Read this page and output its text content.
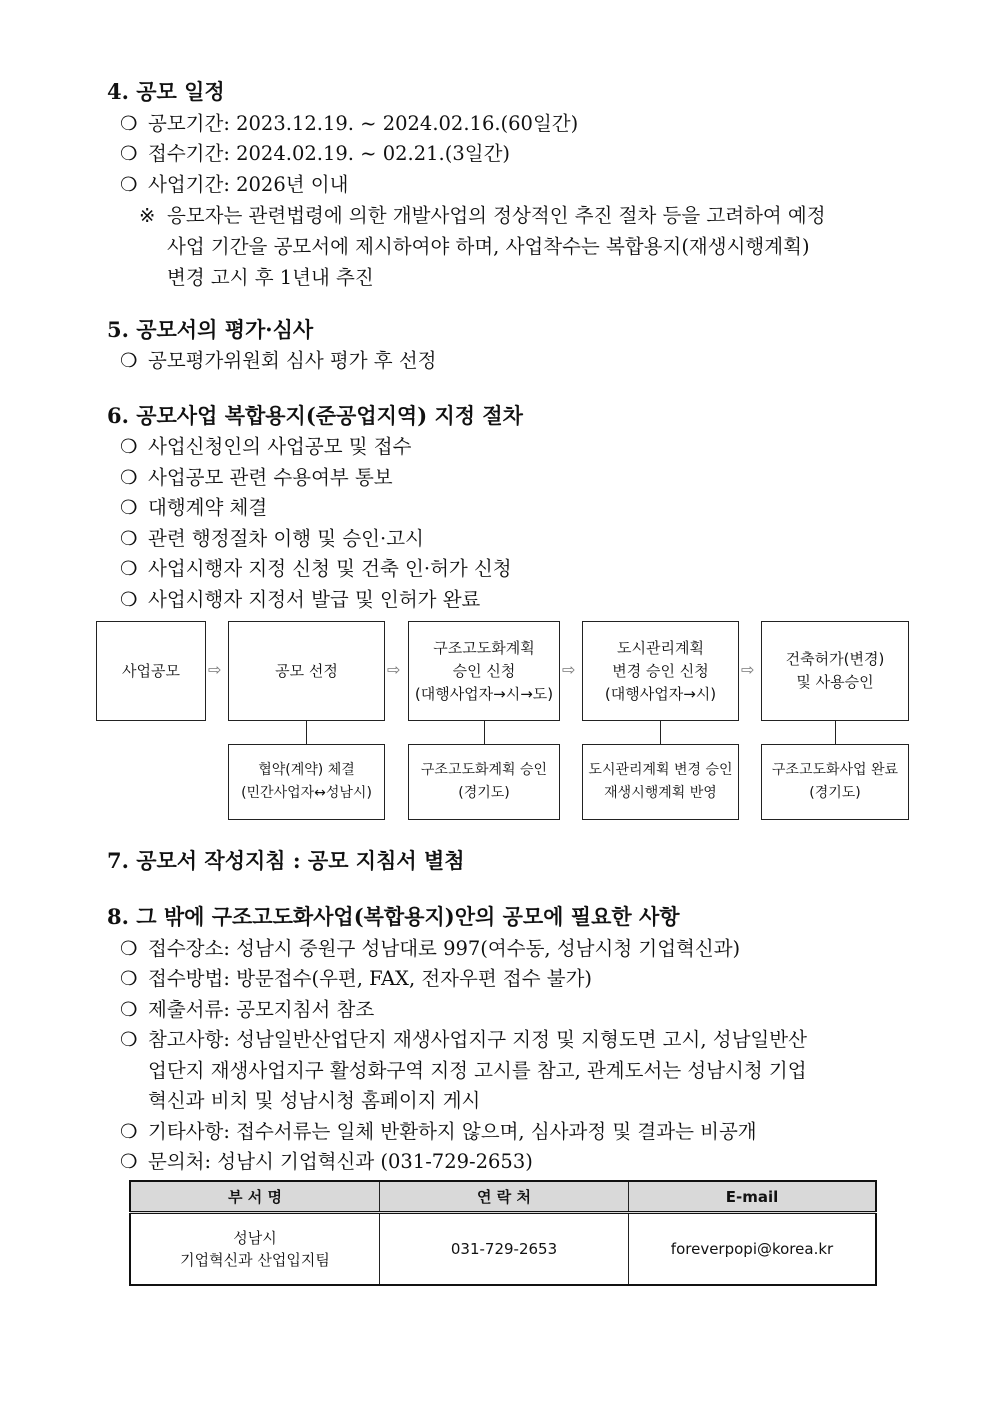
4. 공모 일정
❍ 공모기간: 2023.12.19. ~ 2024.02.16.(60일간)
❍ 접수기간: 2024.02.19. ~ 02.21.(3일간)
❍ 사업기간: 2026년 이내
※ 응모자는 관련법령에 의한 개발사업의 정상적인 추진 절차 등을 고려하여 예정
사업 기간을 공모서에 제시하여야 하며, 사업착수는 복합용지(재생시행계획)
변경 고시 후 1년내 추진
5. 공모서의 평가·심사
❍ 공모평가위원회 심사 평가 후 선정
6. 공모사업 복합용지(준공업지역) 지정 절차
❍ 사업신청인의 사업공모 및 접수
❍ 사업공모 관련 수용여부 통보
❍ 대행계약 체결
❍ 관련 행정절차 이행 및 승인·고시
❍ 사업시행자 지정 신청 및 건축 인·허가 신청
❍ 사업시행자 지정서 발급 및 인허가 완료
사업공모 ⇨	공모 선정	⇨
구조고도화계획
승인 신청
(대행사업자→시→도)
⇨
도시관리계획
변경 승인 신청
(대행사업자→시)
⇨
건축허가(변경)
및 사용승인
협약(계약) 체결
(민간사업자↔성남시)
구조고도화계획 승인
(경기도)
도시관리계획 변경 승인
재생시행계획 반영
구조고도화사업 완료
(경기도)
7. 공모서 작성지침 : 공모 지침서 별첨
8. 그 밖에 구조고도화사업(복합용지)안의 공모에 필요한 사항
❍ 접수장소: 성남시 중원구 성남대로 997(여수동, 성남시청 기업혁신과)
❍ 접수방법: 방문접수(우편, FAX, 전자우편 접수 불가)
❍ 제출서류: 공모지침서 참조
❍ 참고사항: 성남일반산업단지 재생사업지구 지정 및 지형도면 고시, 성남일반산
업단지 재생사업지구 활성화구역 지정 고시를 참고, 관계도서는 성남시청 기업
혁신과 비치 및 성남시청 홈페이지 게시
❍ 기타사항: 접수서류는 일체 반환하지 않으며, 심사과정 및 결과는 비공개
❍ 문의처: 성남시 기업혁신과 (031-729-2653)
부 서 명	연 락 처	E-mail

성남시
기업혁신과 산업입지팀	031-729-2653	foreverpopi@korea.kr
